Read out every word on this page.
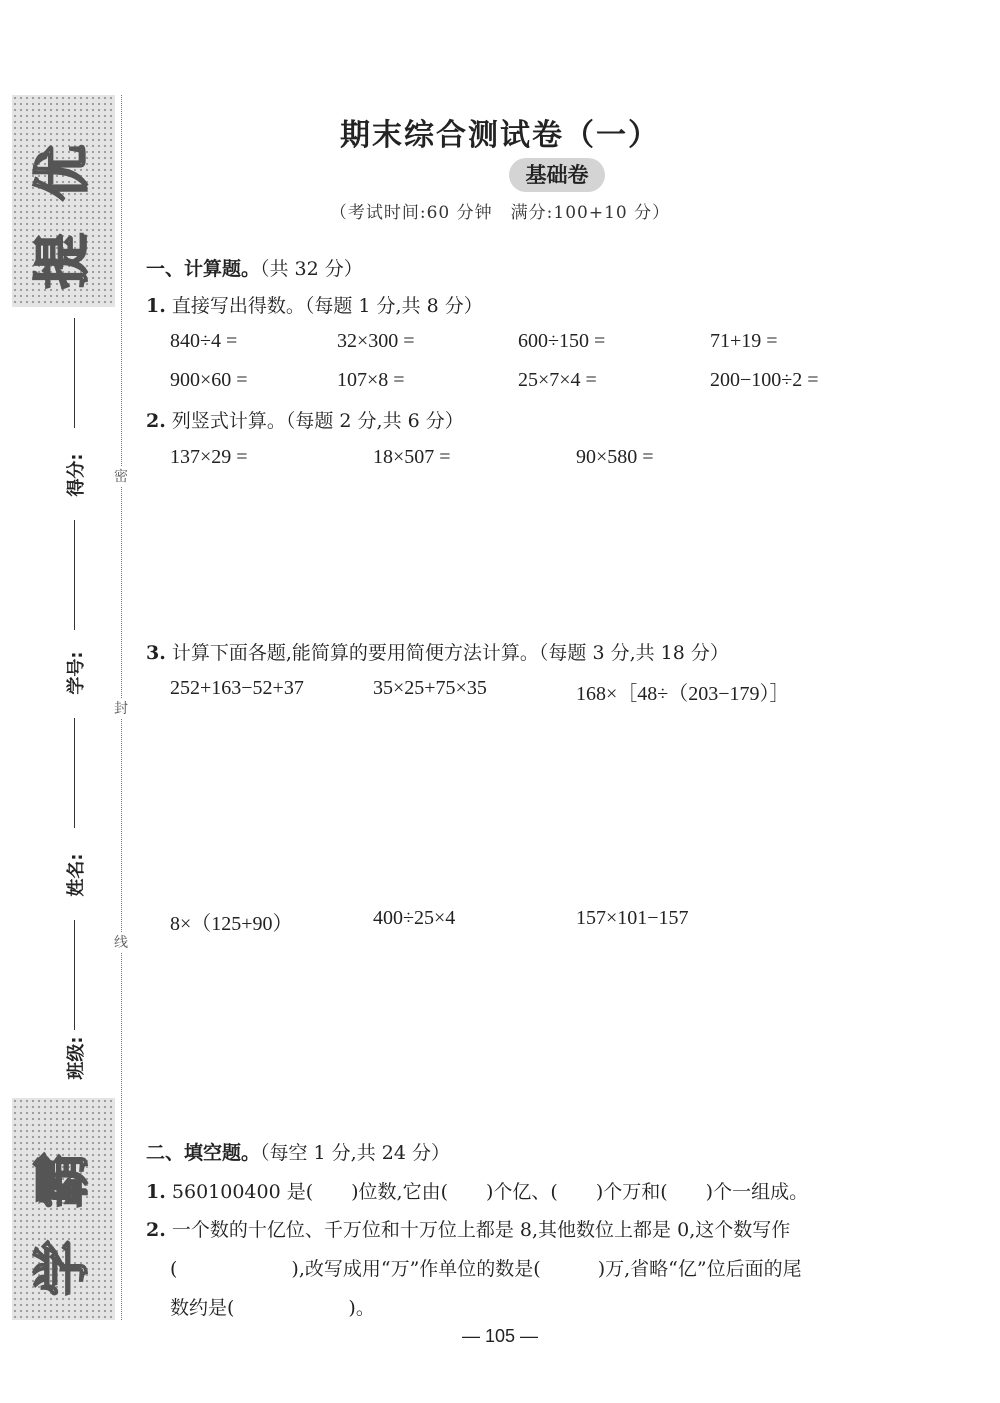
提
优
学
霸
密
封
线
得分:
学号:
姓名:
班级:
期末综合测试卷（一）
基础卷
（考试时间:60 分钟　满分:100+10 分）
一、计算题。（共 32 分）
1. 直接写出得数。（每题 1 分,共 8 分）
840÷4 =	32×300 =	600÷150 =	71+19 =
900×60 =	107×8 =	25×7×4 =	200−100÷2 =
2. 列竖式计算。（每题 2 分,共 6 分）
137×29 =	18×507 =	90×580 =
3. 计算下面各题,能简算的要用简便方法计算。（每题 3 分,共 18 分）
252+163−52+37	35×25+75×35	168×［48÷（203−179）］
8×（125+90）	400÷25×4	157×101−157
二、填空题。（每空 1 分,共 24 分）
1. 560100400 是(　　)位数,它由(　　)个亿、(　　)个万和(　　)个一组成。
2. 一个数的十亿位、千万位和十万位上都是 8,其他数位上都是 0,这个数写作
(　　　　　　),改写成用“万”作单位的数是(　　　)万,省略“亿”位后面的尾
数约是(　　　　　　)。
— 105 —
